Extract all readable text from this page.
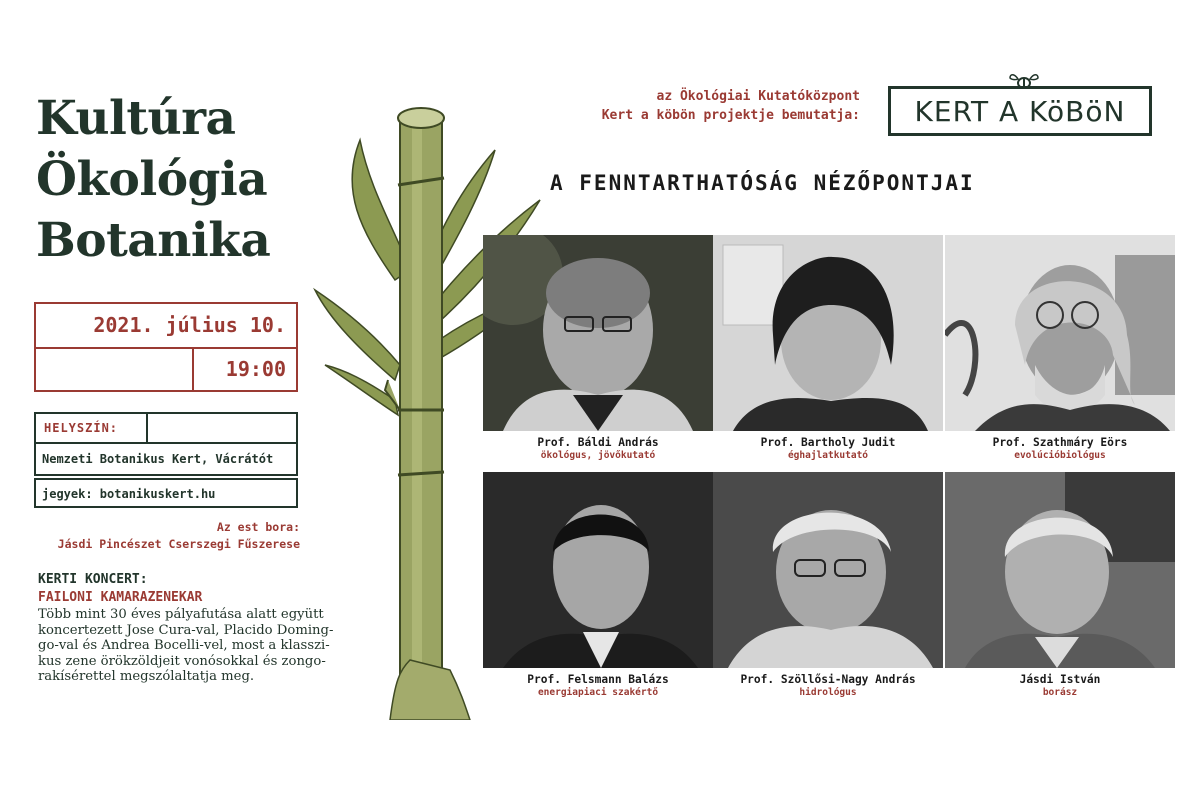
Kultúra
Ökológia
Botanika
2021. július 10.
19:00
HELYSZÍN:
Nemzeti Botanikus Kert, Vácrátót
jegyek: botanikuskert.hu
Az est bora:
Jásdi Pincészet Cserszegi Fűszerese
KERTI KONCERT:
FAILONI KAMARAZENEKAR
Több mint 30 éves pályafutása alatt együtt
koncertezett Jose Cura-val, Placido Doming-
go-val és Andrea Bocelli-vel, most a klasszi-
kus zene örökzöldjeit vonósokkal és zongo-
rakísérettel megszólaltatja meg.
az Ökológiai Kutatóközpont
Kert a köbön projektje bemutatja:	KERT A KöBöN
A FENNTARTHATÓSÁG NÉZŐPONTJAI
Prof. Báldi András
ökológus, jövőkutató
Prof. Bartholy Judit
éghajlatkutató
Prof. Szathmáry Eörs
evolúcióbiológus
Prof. Felsmann Balázs
energiapiaci szakértő
Prof. Szöllősi-Nagy András
hidrológus
Jásdi István
borász
